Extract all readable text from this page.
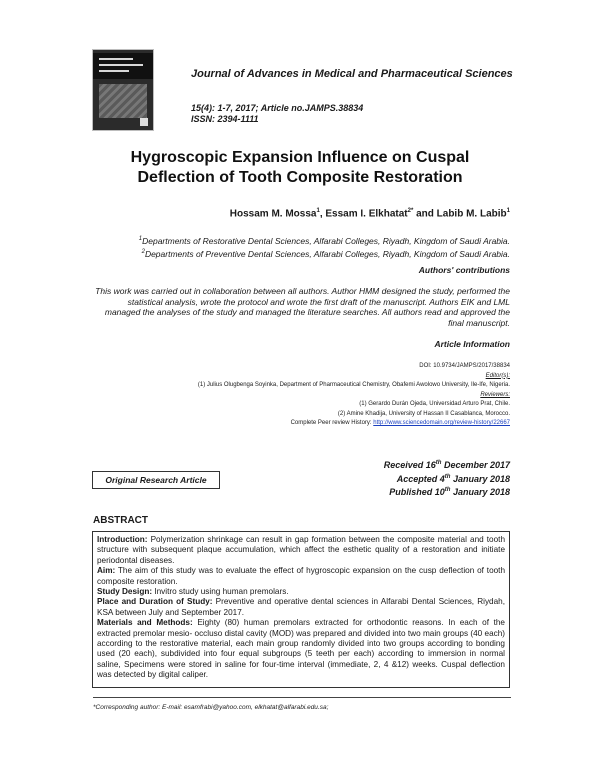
Journal of Advances in Medical and Pharmaceutical Sciences
15(4): 1-7, 2017; Article no.JAMPS.38834
ISSN: 2394-1111
Hygroscopic Expansion Influence on Cuspal Deflection of Tooth Composite Restoration
Hossam M. Mossa$^1$, Essam I. Elkhatat$^{2*}$ and Labib M. Labib$^1$
$^1$Departments of Restorative Dental Sciences, Alfarabi Colleges, Riyadh, Kingdom of Saudi Arabia.
$^2$Departments of Preventive Dental Sciences, Alfarabi Colleges, Riyadh, Kingdom of Saudi Arabia.
Authors' contributions
This work was carried out in collaboration between all authors. Author HMM designed the study, performed the statistical analysis, wrote the protocol and wrote the first draft of the manuscript. Authors EIK and LML managed the analyses of the study and managed the literature searches. All authors read and approved the final manuscript.
Article Information
DOI: 10.9734/JAMPS/2017/38834
Editor(s):
(1) Julius Olugbenga Soyinka, Department of Pharmaceutical Chemistry, Obafemi Awolowo University, Ile-Ife, Nigeria.
Reviewers:
(1) Gerardo Durán Ojeda, Universidad Arturo Prat, Chile.
(2) Amine Khadija, University of Hassan II Casablanca, Morocco.
Complete Peer review History: http://www.sciencedomain.org/review-history/22667
Received 16th December 2017
Accepted 4th January 2018
Published 10th January 2018
Original Research Article
ABSTRACT

Introduction: Polymerization shrinkage can result in gap formation between the composite material and tooth structure with subsequent plaque accumulation, which affect the esthetic quality of a restoration and initiate periodontal diseases.

Aim: The aim of this study was to evaluate the effect of hygroscopic expansion on the cusp deflection of tooth composite restoration.

Study Design: Invitro study using human premolars.

Place and Duration of Study: Preventive and operative dental sciences in Alfarabi Dental Sciences, Riydah, KSA between July and September 2017.

Materials and Methods: Eighty (80) human premolars extracted for orthodontic reasons. In each of the extracted premolar mesio- occluso distal cavity (MOD) was prepared and divided into two main groups (40 each) according to the restorative material, each main group randomly divided into two groups according to bonding used (20 each), subdivided into four equal subgroups (5 teeth per each) according to immersion in normal saline, Specimens were stored in saline for four-time interval (immediate, 2, 4 &12) weeks. Cuspal deflection was detected by digital caliper.

*Corresponding author: E-mail: esamfrabi@yahoo.com, elkhatat@alfarabi.edu.sa;
